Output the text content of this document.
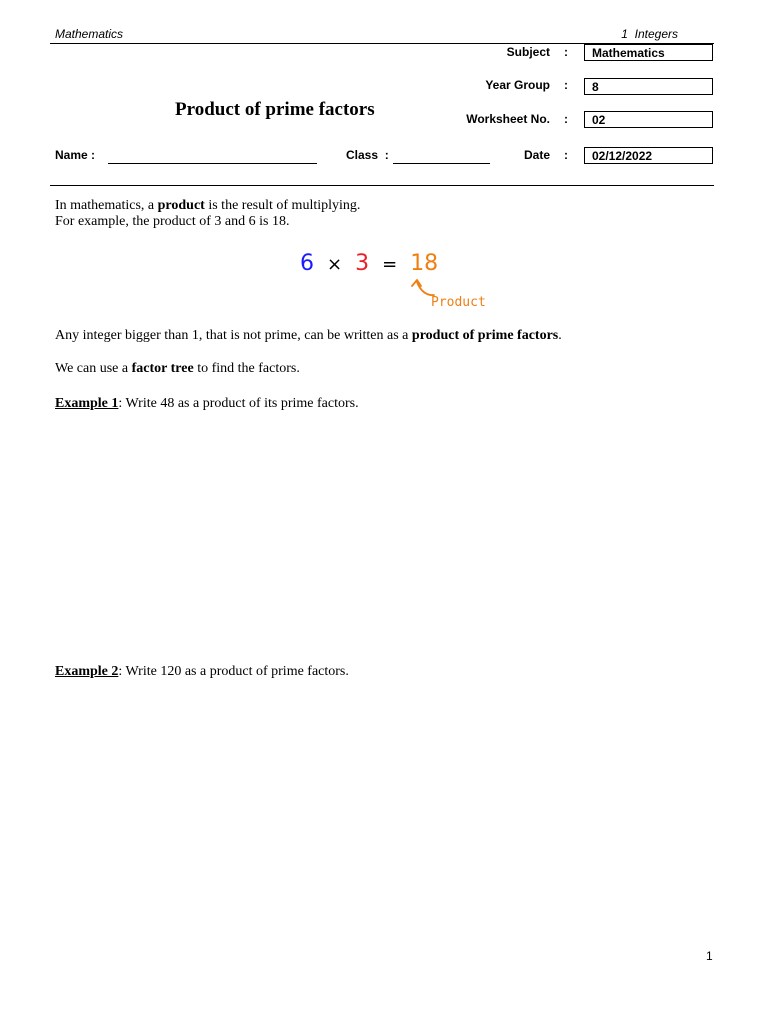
Mathematics	1  Integers
Subject :	Mathematics
Year Group :	8
Product of prime factors	Worksheet No. :	02
Name :	Class  :	Date :	02/12/2022
In mathematics, a product is the result of multiplying.
For example, the product of 3 and 6 is 18.
6 × 3 = 18
Product
Any integer bigger than 1, that is not prime, can be written as a product of prime factors.
We can use a factor tree to find the factors.
Example 1: Write 48 as a product of its prime factors.
Example 2: Write 120 as a product of prime factors.
1
